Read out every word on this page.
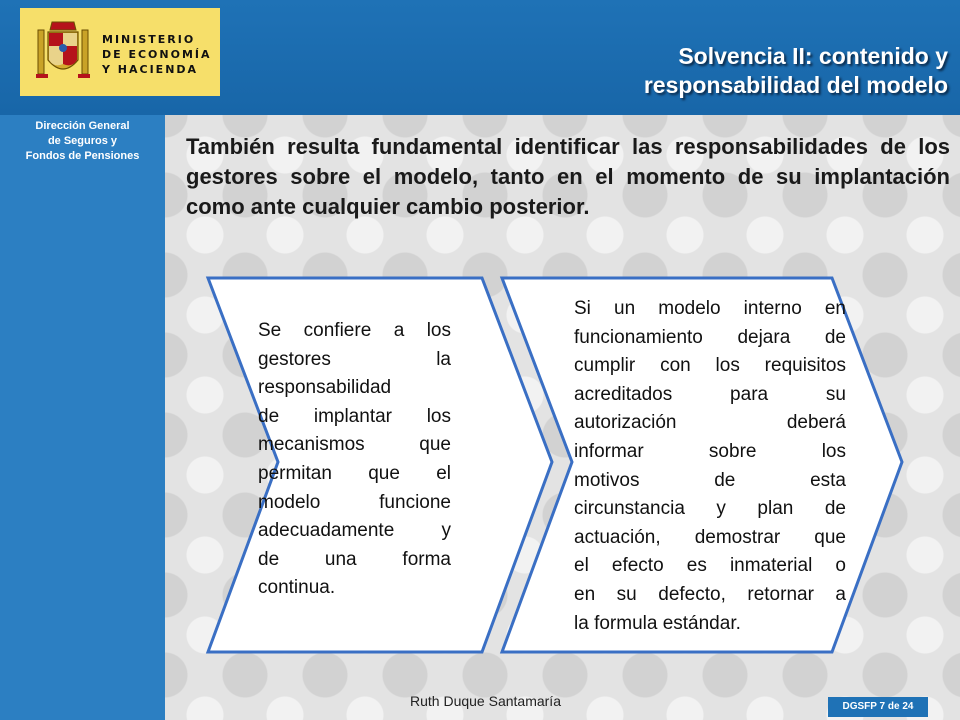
MINISTERIO
DE ECONOMÍA
Y HACIENDA
Solvencia II: contenido y
responsabilidad del modelo
Dirección General
de Seguros y
Fondos de Pensiones	También resulta fundamental identificar las responsabilidades de los gestores sobre el modelo, tanto en el momento de su implantación como ante cualquier cambio posterior.
Se confiere a los
gestores la
responsabilidad
de implantar los
mecanismos que
permitan que el
modelo funcione
adecuadamente y
de una forma
continua.
Si un modelo interno en
funcionamiento dejara de
cumplir con los requisitos
acreditados para su
autorización deberá
informar sobre los
motivos de esta
circunstancia y plan de
actuación, demostrar que
el efecto es inmaterial o
en su defecto, retornar a
la formula estándar.
Ruth Duque Santamaría	DGSFP 7 de 24
